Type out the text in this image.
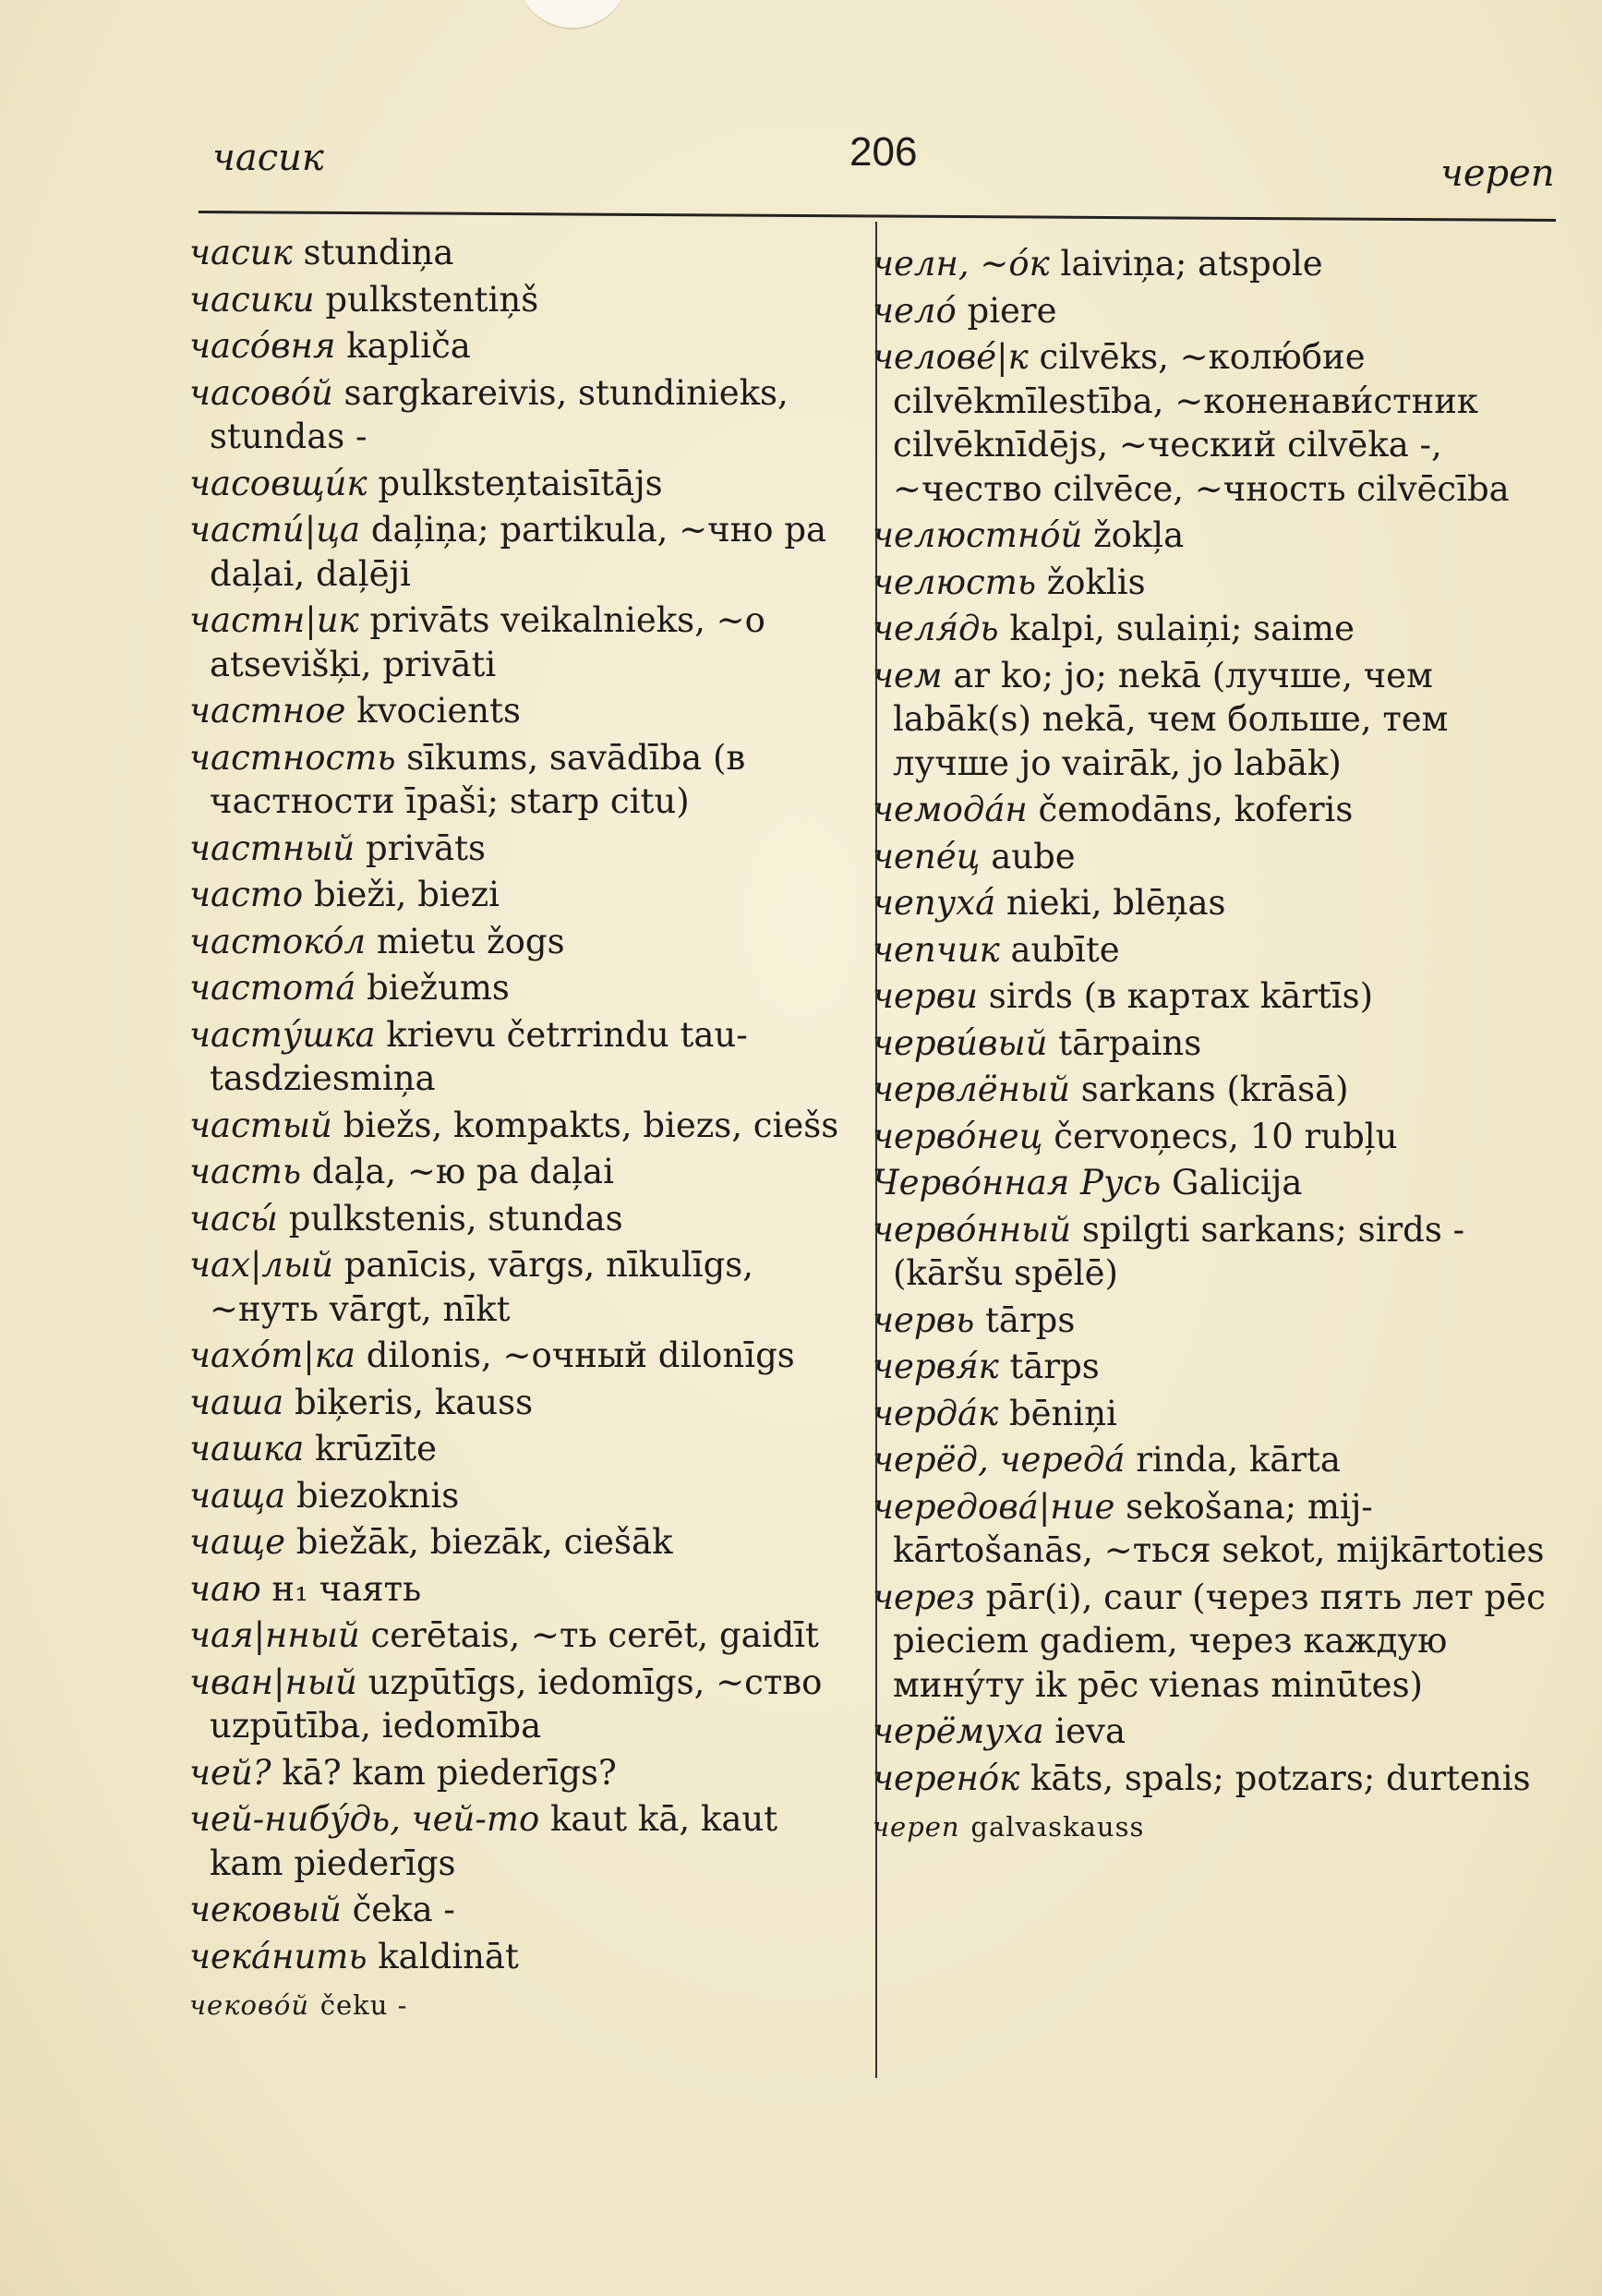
часик	206	череп
часик stundiņa
часики pulkstentiņš
часо́вня kapliča
часово́й sargkareivis, stundinieks, stundas -
часовщи́к pulksteņtaisītājs
части́|ца daļiņa; partikula, ~чно pa daļai, daļēji
частн|ик privāts veikalnieks, ~о atsevišķi, privāti
частное kvocients
частность sīkums, savādība (в частности īpaši; starp citu)
частный privāts
часто bieži, biezi
частоко́л mietu žogs
частота́ biežums
часту́шка krievu četrrindu tautasdziesmiņa
частый biežs, kompakts, biezs, ciešs
часть daļa, ~ю pa daļai
часы́ pulkstenis, stundas
чах|лый panīcis, vārgs, nīkulīgs, ~нуть vārgt, nīkt
чахо́т|ка dilonis, ~очный dilonīgs
чаша biķeris, kauss
чашка krūzīte
чаща biezoknis
чаще biežāk, biezāk, ciešāk
чаю н₁ чаять
чая|нный cerētais, ~ть cerēt, gaidīt
чван|ный uzpūtīgs, iedomīgs, ~ство uzpūtība, iedomība
чей? kā? kam piederīgs?
чей-нибу́дь, чей-то kaut kā, kaut kam piederīgs
чековый čeka -
чека́нить kaldināt
чеково́й čeku -
челн, ~о́к laiviņa; atspole
чело́ piere
челове́|к cilvēks, ~колю́бие cilvēkmīlestība, ~коненави́стник cilvēknīdējs, ~ческий cilvēka -, ~чество cilvēce, ~чность cilvēcība
челюстно́й žokļa
челюсть žoklis
челя́дь kalpi, sulaiņi; saime
чем ar ko; jo; nekā (лучше, чем labāk(s) nekā, чем больше, тем лучше jo vairāk, jo labāk)
чемода́н čemodāns, koferis
чепе́ц aube
чепуха́ nieki, blēņas
чепчик aubīte
черви sirds (в картах kārtīs)
черви́вый tārpains
червлёный sarkans (krāsā)
червóнец červoņecs, 10 rubļu
Червóнная Русь Galicija
червóнный spilgti sarkans; sirds - (kāršu spēlē)
червь tārps
червя́к tārps
черда́к bēniņi
черёд, череда́ rinda, kārta
чередова́|ние sekošana; mijkārtošanās, ~ться sekot, mijkārtoties
через pār(i), caur (через пять лет pēc pieciem gadiem, через каждую мину́ту ik pēc vienas minūtes)
черёмуха ieva
черенóк kāts, spals; potzars; durtenis
череп galvaskauss
